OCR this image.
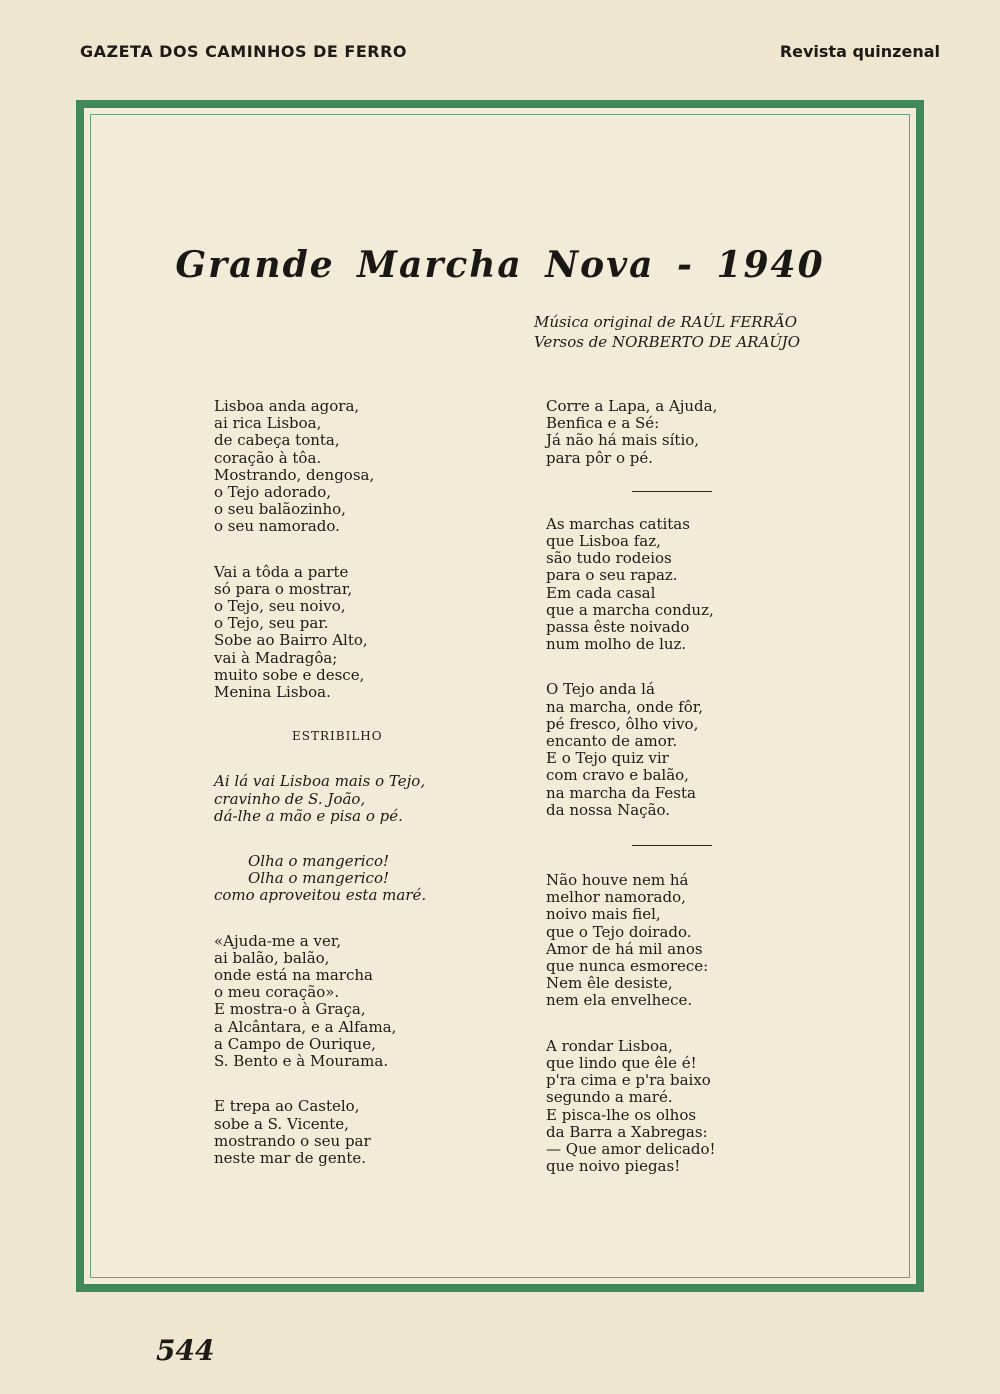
GAZETA DOS CAMINHOS DE FERRO	Revista quinzenal
Grande Marcha Nova - 1940
Música original de RAÚL FERRÃO
Versos de NORBERTO DE ARAÚJO
Lisboa anda agora,
ai rica Lisboa,
de cabeça tonta,
coração à tôa.
Mostrando, dengosa,
o Tejo adorado,
o seu balãozinho,
o seu namorado.
Vai a tôda a parte
só para o mostrar,
o Tejo, seu noivo,
o Tejo, seu par.
Sobe ao Bairro Alto,
vai à Madragôa;
muito sobe e desce,
Menina Lisboa.
ESTRIBILHO
Ai lá vai Lisboa mais o Tejo,
cravinho de S. João,
dá-lhe a mão e pisa o pé.
Olha o mangerico!
Olha o mangerico!
como aproveitou esta maré.
«Ajuda-me a ver,
ai balão, balão,
onde está na marcha
o meu coração».
E mostra-o à Graça,
a Alcântara, e a Alfama,
a Campo de Ourique,
S. Bento e à Mourama.
E trepa ao Castelo,
sobe a S. Vicente,
mostrando o seu par
neste mar de gente.
Corre a Lapa, a Ajuda,
Benfica e a Sé:
Já não há mais sítio,
para pôr o pé.
As marchas catitas
que Lisboa faz,
são tudo rodeios
para o seu rapaz.
Em cada casal
que a marcha conduz,
passa êste noivado
num molho de luz.
O Tejo anda lá
na marcha, onde fôr,
pé fresco, ôlho vivo,
encanto de amor.
E o Tejo quiz vir
com cravo e balão,
na marcha da Festa
da nossa Nação.
Não houve nem há
melhor namorado,
noivo mais fiel,
que o Tejo doirado.
Amor de há mil anos
que nunca esmorece:
Nem êle desiste,
nem ela envelhece.
A rondar Lisboa,
que lindo que êle é!
p'ra cima e p'ra baixo
segundo a maré.
E pisca-lhe os olhos
da Barra a Xabregas:
— Que amor delicado!
que noivo piegas!
544
